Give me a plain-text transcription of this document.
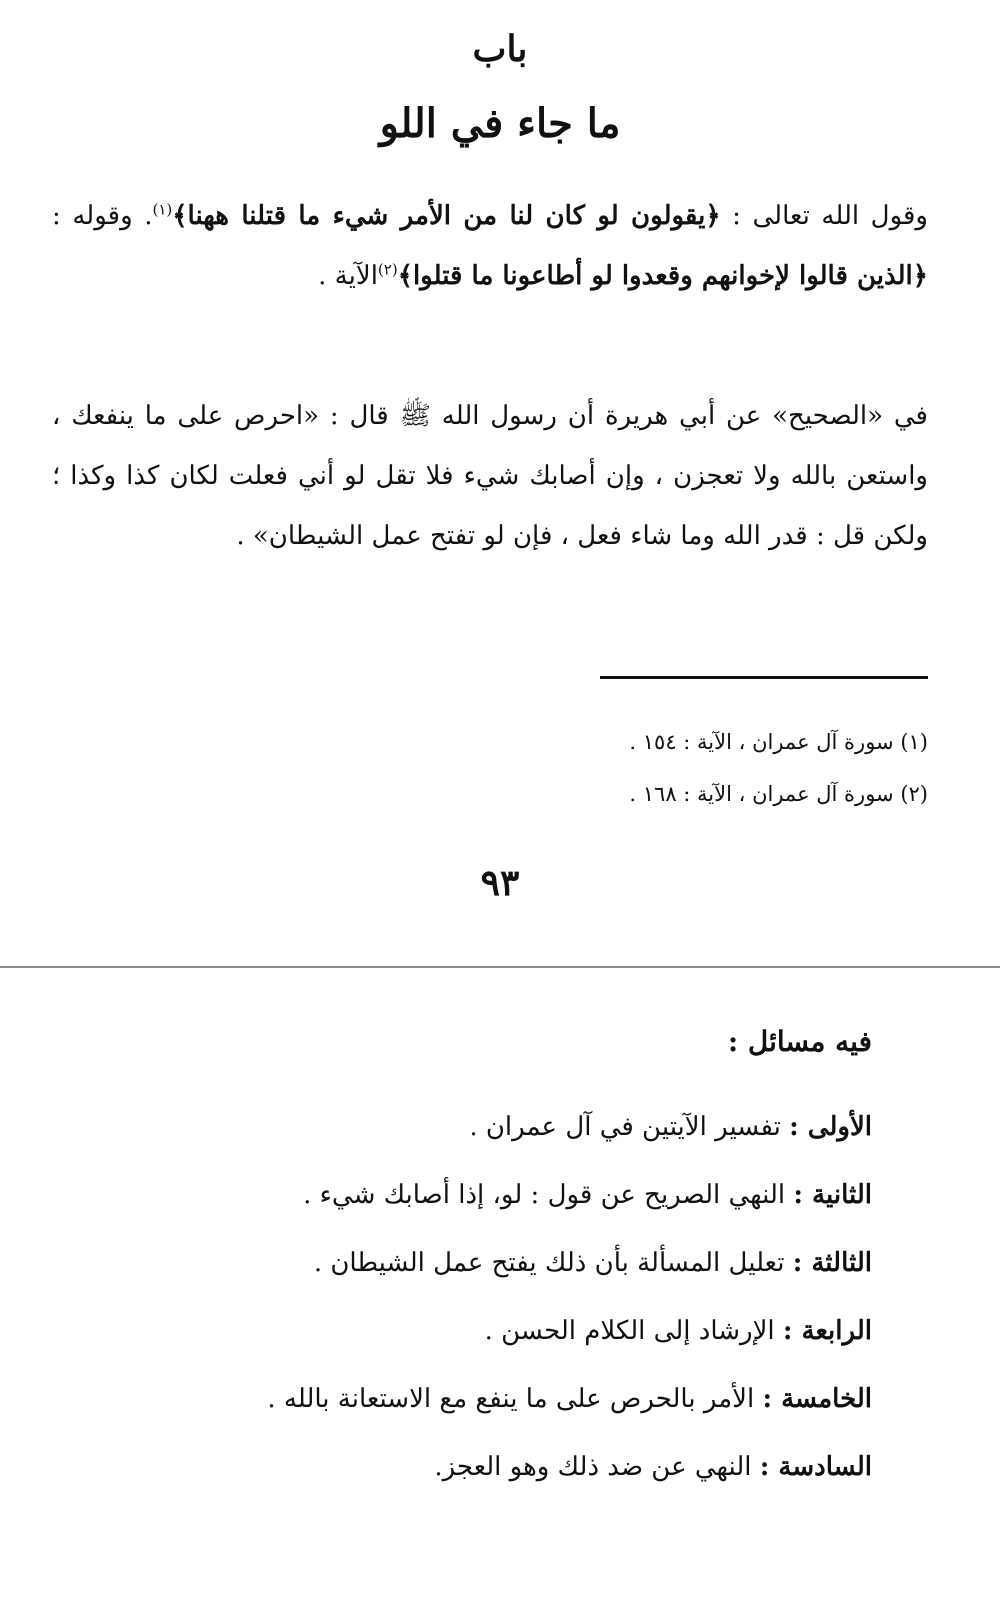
باب
ما جاء في اللو
وقول الله تعالى : ﴿يقولون لو كان لنا من الأمر شيء ما قتلنا ههنا﴾$^{(١)}$. وقوله : ﴿الذين قالوا لإخوانهم وقعدوا لو أطاعونا ما قتلوا﴾$^{(٢)}$الآية .
في «الصحيح» عن أبي هريرة أن رسول الله ﷺ قال : «احرص على ما ينفعك ، واستعن بالله ولا تعجزن ، وإن أصابك شيء فلا تقل لو أني فعلت لكان كذا وكذا ؛ ولكن قل : قدر الله وما شاء فعل ، فإن لو تفتح عمل الشيطان» .
(١) سورة آل عمران ، الآية : ١٥٤ .
(٢) سورة آل عمران ، الآية : ١٦٨ .
٩٣
فيه مسائل :
الأولى : تفسير الآيتين في آل عمران .
الثانية : النهي الصريح عن قول : لو، إذا أصابك شيء .
الثالثة : تعليل المسألة بأن ذلك يفتح عمل الشيطان .
الرابعة : الإرشاد إلى الكلام الحسن .
الخامسة : الأمر بالحرص على ما ينفع مع الاستعانة بالله .
السادسة : النهي عن ضد ذلك وهو العجز.
